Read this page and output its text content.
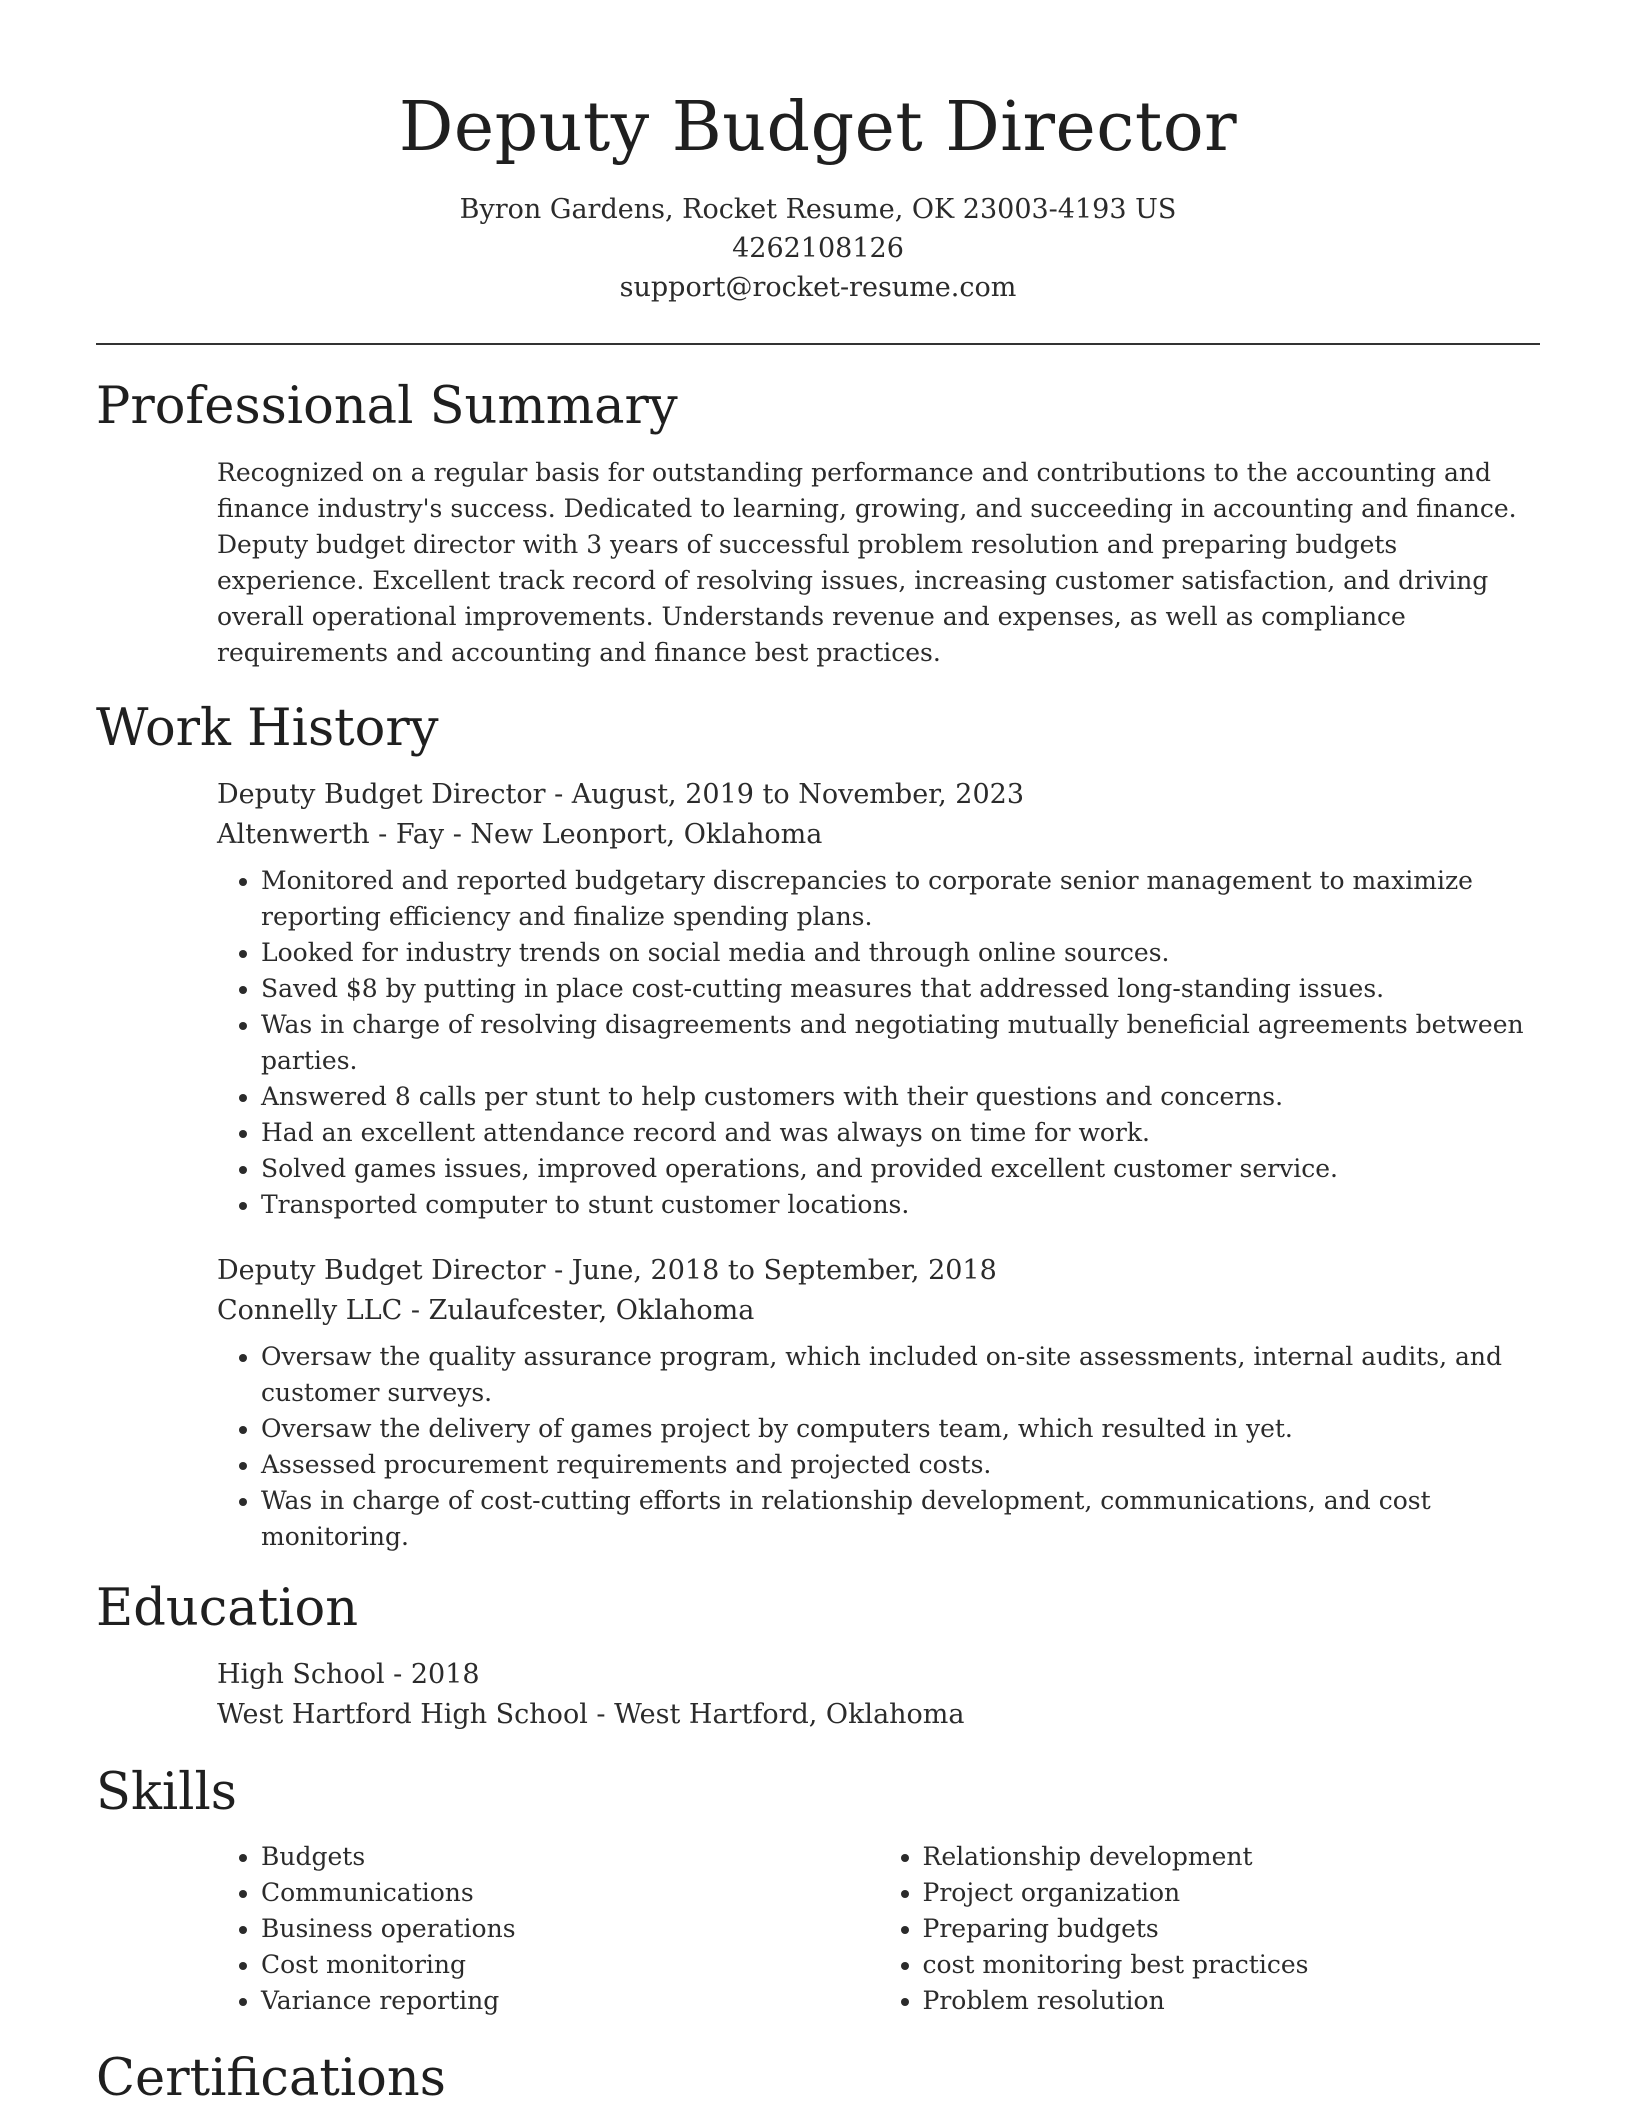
Deputy Budget Director
Byron Gardens, Rocket Resume, OK 23003-4193 US
4262108126
support@rocket-resume.com
Professional Summary

Recognized on a regular basis for outstanding performance and contributions to the accounting and finance industry's success. Dedicated to learning, growing, and succeeding in accounting and finance. Deputy budget director with 3 years of successful problem resolution and preparing budgets experience. Excellent track record of resolving issues, increasing customer satisfaction, and driving overall operational improvements. Understands revenue and expenses, as well as compliance requirements and accounting and finance best practices.

Work History
Deputy Budget Director - August, 2019 to November, 2023
Altenwerth - Fay - New Leonport, Oklahoma
• Monitored and reported budgetary discrepancies to corporate senior management to maximize reporting efficiency and finalize spending plans.
• Looked for industry trends on social media and through online sources.
• Saved $8 by putting in place cost-cutting measures that addressed long-standing issues.
• Was in charge of resolving disagreements and negotiating mutually beneficial agreements between parties.
• Answered 8 calls per stunt to help customers with their questions and concerns.
• Had an excellent attendance record and was always on time for work.
• Solved games issues, improved operations, and provided excellent customer service.
• Transported computer to stunt customer locations.
Deputy Budget Director - June, 2018 to September, 2018
Connelly LLC - Zulaufcester, Oklahoma
• Oversaw the quality assurance program, which included on-site assessments, internal audits, and customer surveys.
• Oversaw the delivery of games project by computers team, which resulted in yet.
• Assessed procurement requirements and projected costs.
• Was in charge of cost-cutting efforts in relationship development, communications, and cost monitoring.
Education
High School - 2018
West Hartford High School - West Hartford, Oklahoma
Skills
• Budgets
• Communications
• Business operations
• Cost monitoring
• Variance reporting
• Relationship development
• Project organization
• Preparing budgets
• cost monitoring best practices
• Problem resolution
Certifications
